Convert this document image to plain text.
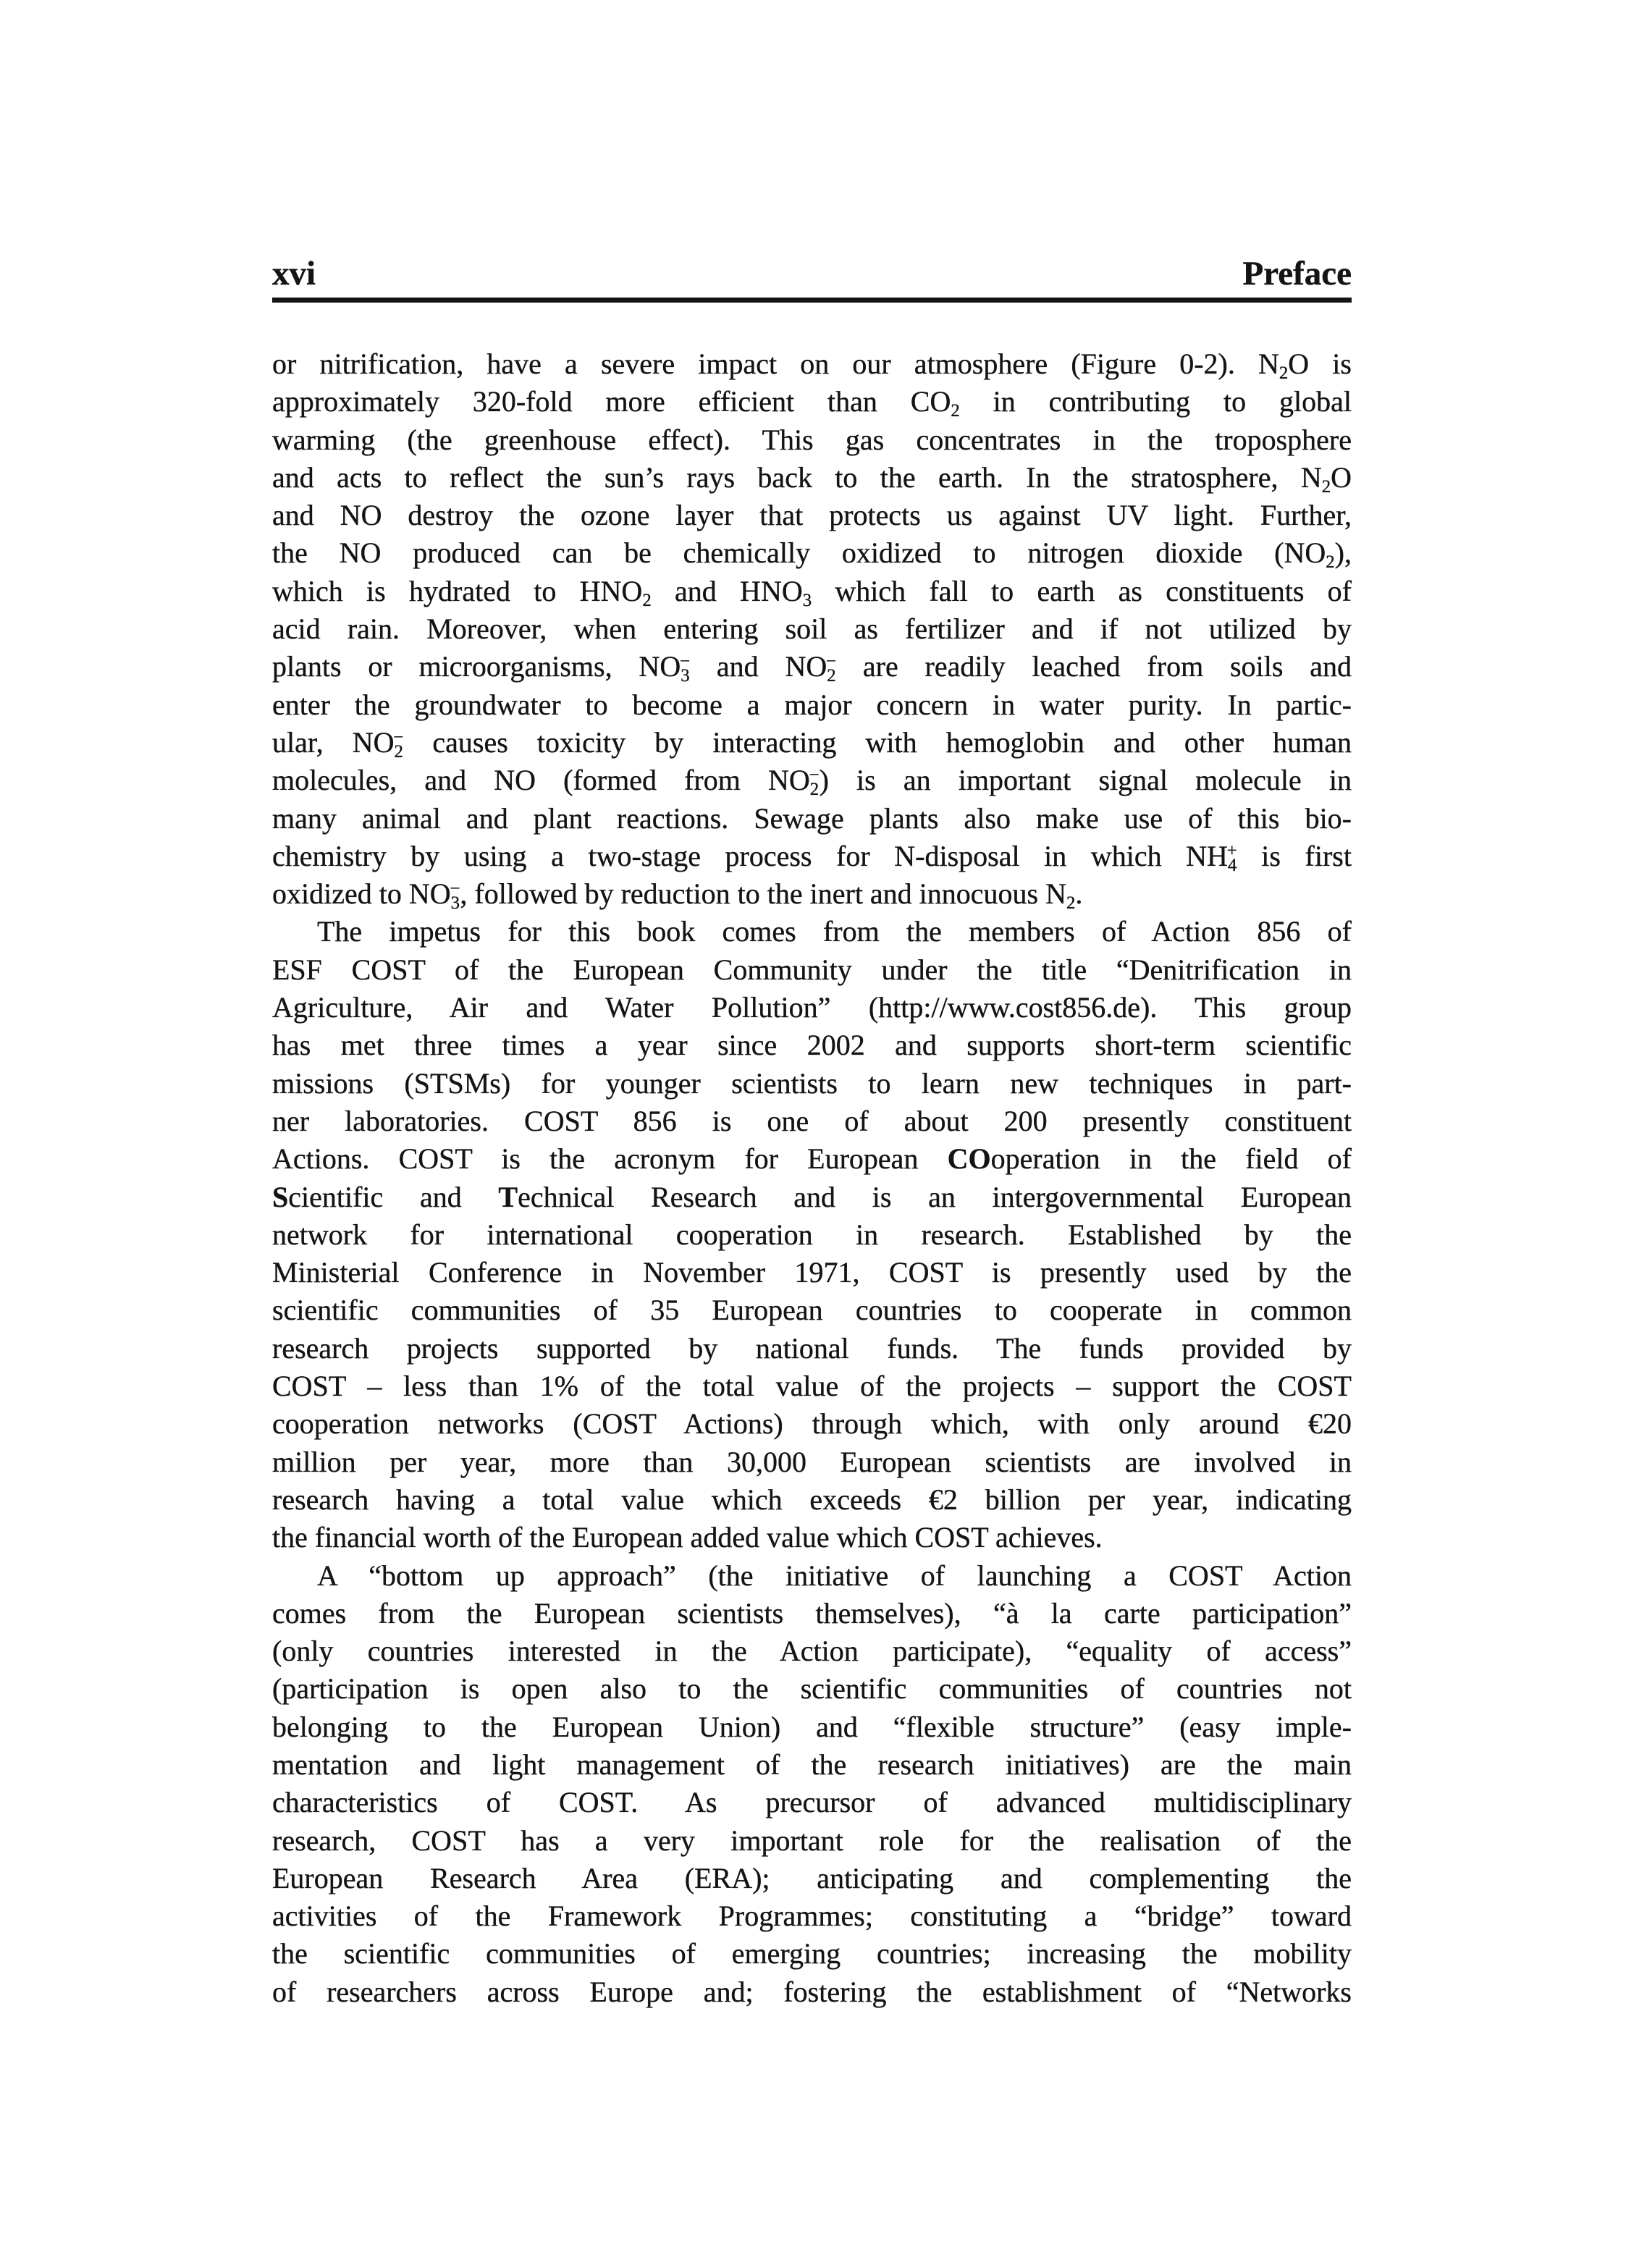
xvi	Preface
or nitrification, have a severe impact on our atmosphere (Figure 0-2). $N_2O$ is
approximately 320-fold more efficient than $CO_2$ in contributing to global
warming (the greenhouse effect). This gas concentrates in the troposphere
and acts to reflect the sun’s rays back to the earth. In the stratosphere, $N_2O$
and NO destroy the ozone layer that protects us against UV light. Further,
the NO produced can be chemically oxidized to nitrogen dioxide $(NO_2)$,
which is hydrated to $HNO_2$ and $HNO_3$ which fall to earth as constituents of
acid rain. Moreover, when entering soil as fertilizer and if not utilized by
plants or microorganisms, $NO_3^-$ and $NO_2^-$ are readily leached from soils and
enter the groundwater to become a major concern in water purity. In partic-
ular, $NO_2^-$ causes toxicity by interacting with hemoglobin and other human
molecules, and NO (formed from $NO_2^-$) is an important signal molecule in
many animal and plant reactions. Sewage plants also make use of this bio-
chemistry by using a two-stage process for N-disposal in which $NH_4^+$ is first
oxidized to $NO_3^-$, followed by reduction to the inert and innocuous $N_2$.
The impetus for this book comes from the members of Action 856 of
ESF COST of the European Community under the title “Denitrification in
Agriculture, Air and Water Pollution” (http://www.cost856.de). This group
has met three times a year since 2002 and supports short-term scientific
missions (STSMs) for younger scientists to learn new techniques in part-
ner laboratories. COST 856 is one of about 200 presently constituent
Actions. COST is the acronym for European COoperation in the field of
Scientific and Technical Research and is an intergovernmental European
network for international cooperation in research. Established by the
Ministerial Conference in November 1971, COST is presently used by the
scientific communities of 35 European countries to cooperate in common
research projects supported by national funds. The funds provided by
COST – less than 1% of the total value of the projects – support the COST
cooperation networks (COST Actions) through which, with only around €20
million per year, more than 30,000 European scientists are involved in
research having a total value which exceeds €2 billion per year, indicating
the financial worth of the European added value which COST achieves.
A “bottom up approach” (the initiative of launching a COST Action
comes from the European scientists themselves), “à la carte participation”
(only countries interested in the Action participate), “equality of access”
(participation is open also to the scientific communities of countries not
belonging to the European Union) and “flexible structure” (easy imple-
mentation and light management of the research initiatives) are the main
characteristics of COST. As precursor of advanced multidisciplinary
research, COST has a very important role for the realisation of the
European Research Area (ERA); anticipating and complementing the
activities of the Framework Programmes; constituting a “bridge” toward
the scientific communities of emerging countries; increasing the mobility
of researchers across Europe and; fostering the establishment of “Networks
